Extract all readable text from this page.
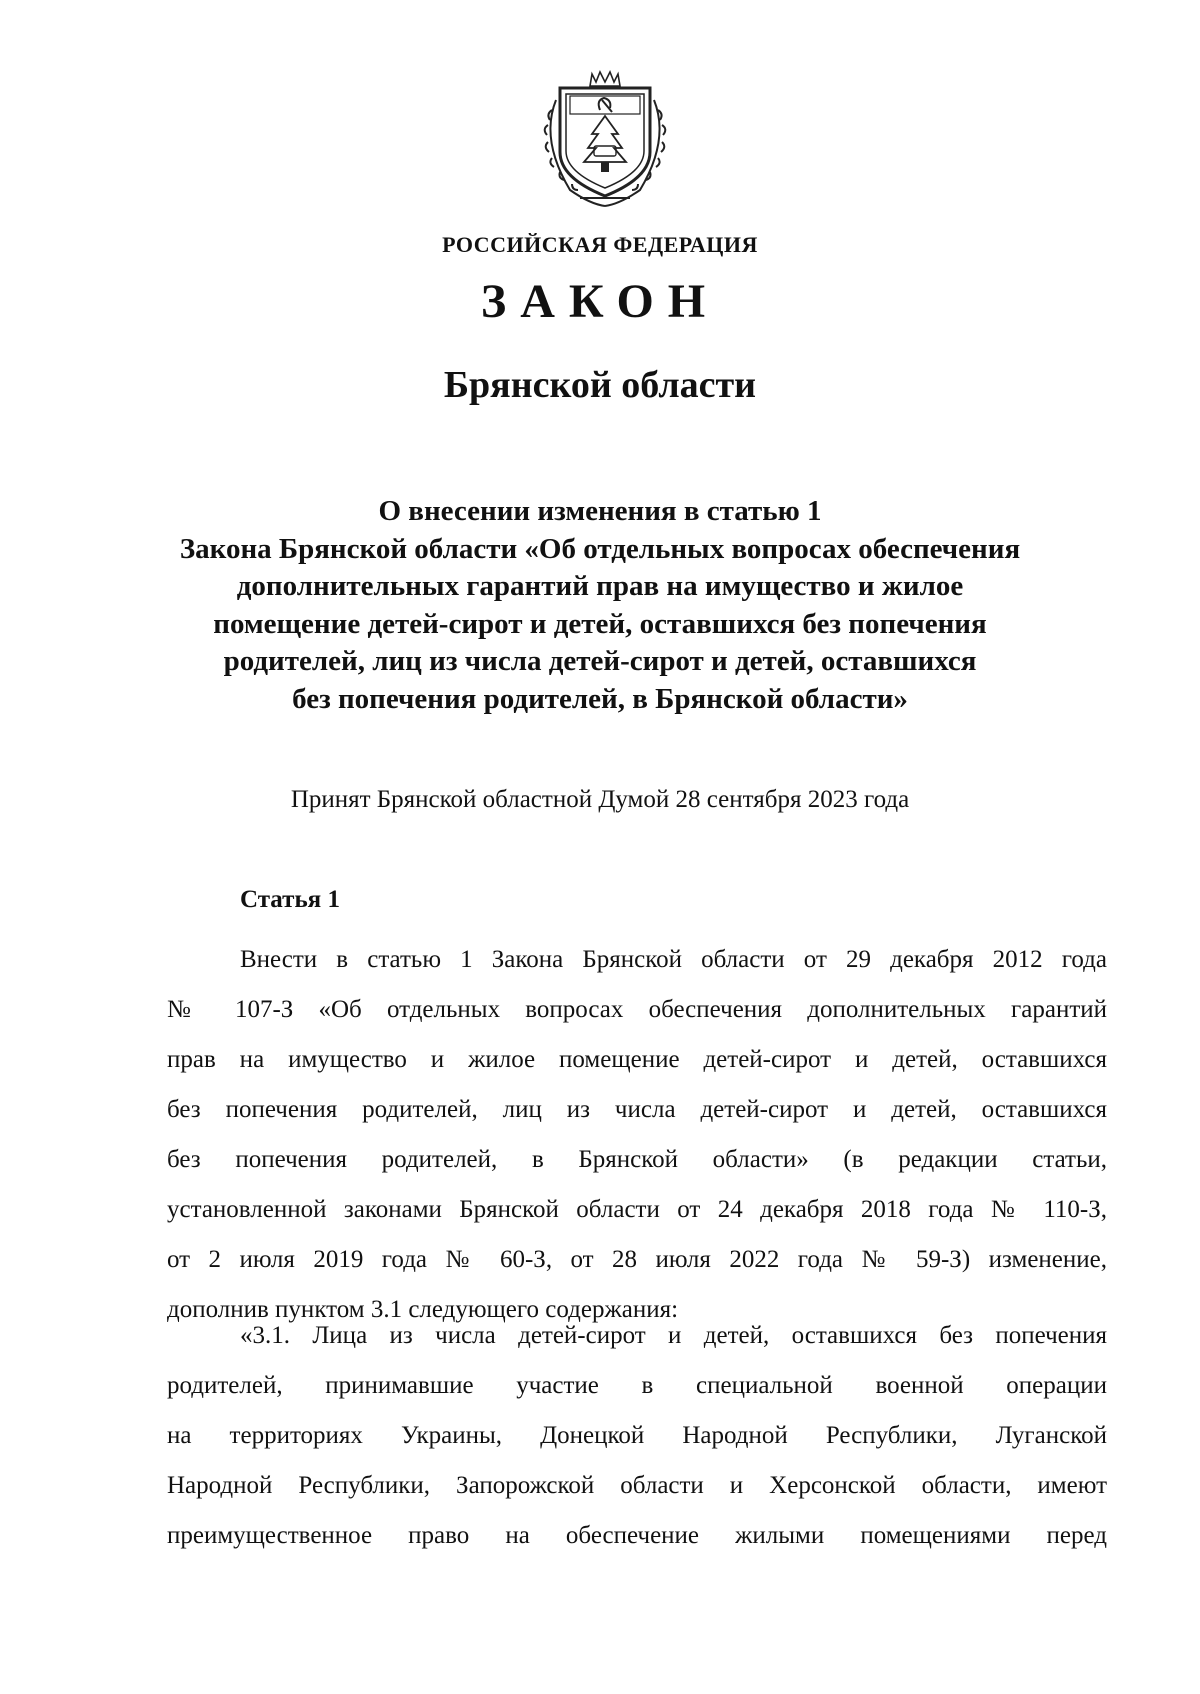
РОССИЙСКАЯ ФЕДЕРАЦИЯ
ЗАКОН
Брянской области
О внесении изменения в статью 1
Закона Брянской области «Об отдельных вопросах обеспечения
дополнительных гарантий прав на имущество и жилое
помещение детей-сирот и детей, оставшихся без попечения
родителей, лиц из числа детей-сирот и детей, оставшихся
без попечения родителей, в Брянской области»
Принят Брянской областной Думой 28 сентября 2023 года
Статья 1
Внести в статью 1 Закона Брянской области от 29 декабря 2012 года
№ 107-З «Об отдельных вопросах обеспечения дополнительных гарантий
прав на имущество и жилое помещение детей-сирот и детей, оставшихся
без попечения родителей, лиц из числа детей-сирот и детей, оставшихся
без попечения родителей, в Брянской области» (в редакции статьи,
установленной законами Брянской области от 24 декабря 2018 года № 110-З,
от 2 июля 2019 года № 60-З, от 28 июля 2022 года № 59-З) изменение,
дополнив пунктом 3.1 следующего содержания:
«3.1. Лица из числа детей-сирот и детей, оставшихся без попечения
родителей, принимавшие участие в специальной военной операции
на территориях Украины, Донецкой Народной Республики, Луганской
Народной Республики, Запорожской области и Херсонской области, имеют
преимущественное право на обеспечение жилыми помещениями перед
